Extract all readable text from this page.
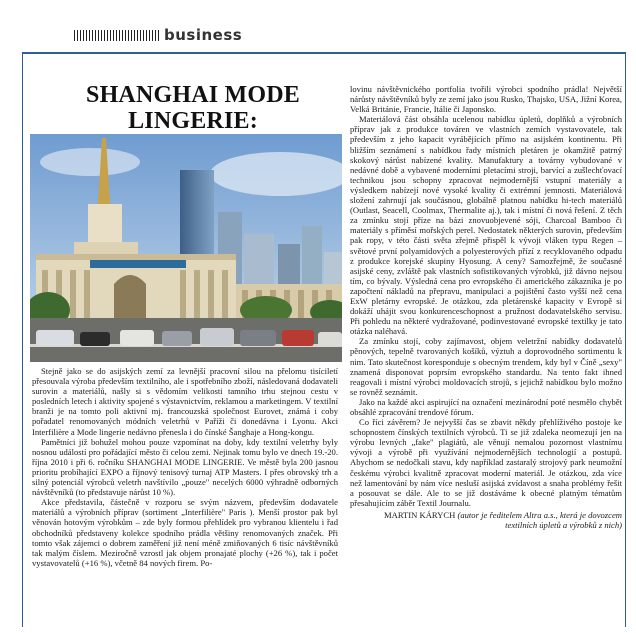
business
SHANGHAI MODE LINGERIE:

Stejně jako se do asijských zemí za levnější pracovní silou na přelomu tisíciletí přesouvala výroba především textilního, ale i spotřebního zboží, následovaná dodavateli surovin a materiálů, našly si s vědomím velikosti tamního trhu stejnou cestu v posledních letech i aktivity spojené s výstavnictvím, reklamou a marketingem. V textilní branži je na tomto poli aktivní mj. francouzská společnost Eurovet, známá i coby pořadatel renomovaných módních veletrhů v Paříži či donedávna i Lyonu. Akci Interfilière a Mode lingerie nedávno přenesla i do čínské Šanghaje a Hong-kongu.

Pamětníci již bohužel mohou pouze vzpomínat na doby, kdy textilní veletrhy byly nosnou událostí pro pořádající město či celou zemi. Nejinak tomu bylo ve dnech 19.-20. října 2010 i při 6. ročníku SHANGHAI MODE LINGERIE. Ve městě byla 200 jasnou prioritu probíhající EXPO a říjnový tenisový turnaj ATP Masters. I přes obrovský trh a silný potenciál výrobců veletrh navštívilo „pouze" necelých 6000 výhradně odborných návštěvníků (to představuje nárůst 10 %).

Akce představila, částečně v rozporu se svým názvem, především dodavatele materiálů a výrobních příprav (sortiment „Interfilière" Paris ). Menší prostor pak byl věnován hotovým výrobkům – zde byly formou přehlídek pro vybranou klientelu i řad obchodníků představeny kolekce spodního prádla většiny renomovaných značek. Při tomto však zájemci o dobrem zaměření již není méně zmiňovaných 6 tisíc návštěvníků tak malým číslem. Meziročně vzrostl jak objem pronajaté plochy (+26 %), tak i počet vystavovatelů (+16 %), včetně 84 nových firem. Po-

lovinu návštěvnického portfolia tvořili výrobci spodního prádla! Největší nárůsty návštěvníků byly ze zemí jako jsou Rusko, Thajsko, USA, Jižní Korea, Velká Británie, Francie, Itálie či Japonsko.

Materiálová část obsáhla ucelenou nabídku úpletů, doplňků a výrobních příprav jak z produkce továren ve vlastních zemích vystavovatele, tak především z jeho kapacit vyrábějících přímo na asijském kontinentu. Při bližším seznámení s nabídkou řady místních pletáren je okamžitě patrný skokový nárůst nabízené kvality. Manufaktury a továrny vybudované v nedávné době a vybavené moderními pletacími stroji, barvící a zušlechťovací technikou jsou schopny zpracovat nejmodernější vstupní materiály a výsledkem nabízejí nové vysoké kvality či extrémní jemnosti. Materiálová složení zahrnují jak součásnou, globálně platnou nabídku hi-tech materiálů (Outlast, Seacell, Coolmax, Thermalite aj.), tak i místní či nová řešení. Z těch za zmínku stojí příze na bázi znovuobjevené sóji, Charcoal Bamboo či materiály s příměsí mořských perel. Nedostatek některých surovin, především pak ropy, v této části světa zřejmě přispěl k vývoji vláken typu Regen – světové první polyamidových a polyesterových přízí z recyklovaného odpadu z produkce korejské skupiny Hyosung. A ceny? Samozřejmě, že současné asijské ceny, zvláště pak vlastních sofistikovaných výrobků, již dávno nejsou tím, co bývaly. Výsledná cena pro evropského či amerického zákazníka je po započtení nákladů na přepravu, manipulaci a pojištění často vyšší než cena ExW pletárny evropské. Je otázkou, zda pletárenské kapacity v Evropě si dokáží uhájit svou konkurenceschopnost a pružnost dodavatelského servisu. Při pohledu na některé vydražované, podinvestované evropské textilky je tato otázka naléhavá.

Za zmínku stojí, coby zajímavost, objem veletržní nabídky dodavatelů pěnových, tepelně tvarovaných košíků, výztuh a doprovodného sortimentu k nim. Tato skutečnost koresponduje s obecným trendem, kdy byl v Číně „sexy" znamená disponovat poprsím evropského standardu. Na tento fakt ihned reagovali i místní výrobci moldovacích strojů, s jejichž nabídkou bylo možno se rovněž seznámit.

Jako na každé akci aspirující na označení mezinárodní poté nesmělo chybět obsáhlé zpracování trendové fórum.

Co říci závěrem? Je nejvyšší čas se zbavit někdy přehlíživého postoje ke schopnostem čínských textilních výrobců. Ti se již zdaleka neomezují jen na výrobu levných „fake" plagiátů, ale věnují nemalou pozornost vlastnímu vývoji a výrobě při využívání nejmodernějších technologií a postupů. Abychom se nedočkali stavu, kdy například zastaralý strojový park neumožní českému výrobci kvalitně zpracovat moderní materiál. Je otázkou, zda více než lamentování by nám více nesluší asijská zvídavost a snaha problémy řešit a posouvat se dále. Ale to se již dostáváme k obecné platným tématům přesahujícím záběr Textil Journalu.

MARTIN KÁRYCH (autor je ředitelem Altra a.s., která je dovozcem textilních úpletů a výrobků z nich)
